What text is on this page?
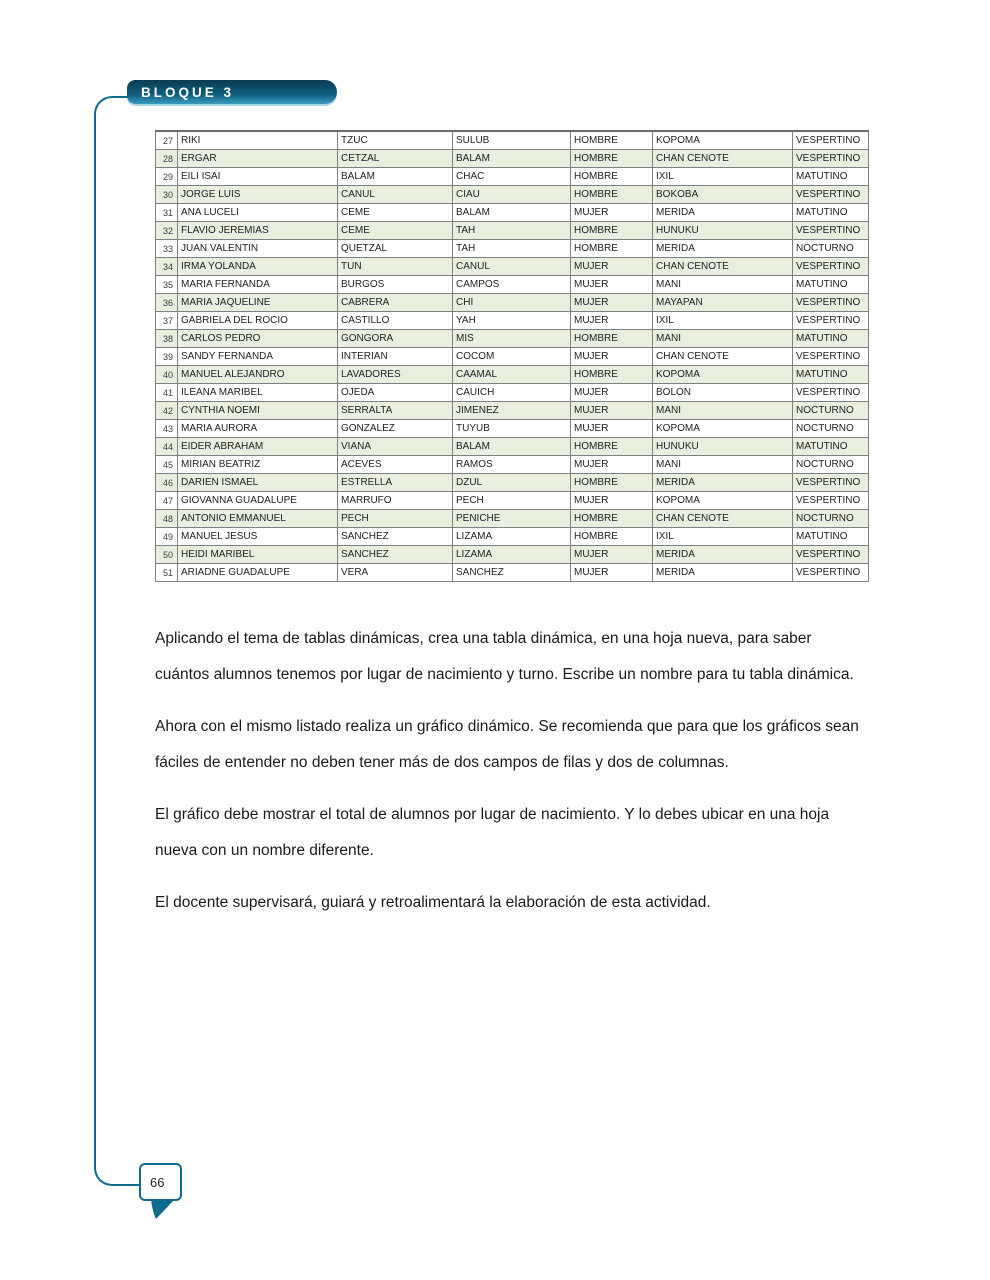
BLOQUE 3
27	RIKI	TZUC	SULUB	HOMBRE	KOPOMA	VESPERTINO
28	ERGAR	CETZAL	BALAM	HOMBRE	CHAN CENOTE	VESPERTINO
29	EILI ISAI	BALAM	CHAC	HOMBRE	IXIL	MATUTINO
30	JORGE LUIS	CANUL	CIAU	HOMBRE	BOKOBA	VESPERTINO
31	ANA LUCELI	CEME	BALAM	MUJER	MERIDA	MATUTINO
32	FLAVIO JEREMIAS	CEME	TAH	HOMBRE	HUNUKU	VESPERTINO
33	JUAN VALENTIN	QUETZAL	TAH	HOMBRE	MERIDA	NOCTURNO
34	IRMA YOLANDA	TUN	CANUL	MUJER	CHAN CENOTE	VESPERTINO
35	MARIA FERNANDA	BURGOS	CAMPOS	MUJER	MANI	MATUTINO
36	MARIA JAQUELINE	CABRERA	CHI	MUJER	MAYAPAN	VESPERTINO
37	GABRIELA DEL ROCIO	CASTILLO	YAH	MUJER	IXIL	VESPERTINO
38	CARLOS PEDRO	GONGORA	MIS	HOMBRE	MANI	MATUTINO
39	SANDY FERNANDA	INTERIAN	COCOM	MUJER	CHAN CENOTE	VESPERTINO
40	MANUEL ALEJANDRO	LAVADORES	CAAMAL	HOMBRE	KOPOMA	MATUTINO
41	ILEANA MARIBEL	OJEDA	CAUICH	MUJER	BOLON	VESPERTINO
42	CYNTHIA NOEMI	SERRALTA	JIMENEZ	MUJER	MANI	NOCTURNO
43	MARIA AURORA	GONZALEZ	TUYUB	MUJER	KOPOMA	NOCTURNO
44	EIDER ABRAHAM	VIANA	BALAM	HOMBRE	HUNUKU	MATUTINO
45	MIRIAN BEATRIZ	ACEVES	RAMOS	MUJER	MANI	NOCTURNO
46	DARIEN ISMAEL	ESTRELLA	DZUL	HOMBRE	MERIDA	VESPERTINO
47	GIOVANNA GUADALUPE	MARRUFO	PECH	MUJER	KOPOMA	VESPERTINO
48	ANTONIO EMMANUEL	PECH	PENICHE	HOMBRE	CHAN CENOTE	NOCTURNO
49	MANUEL JESUS	SANCHEZ	LIZAMA	HOMBRE	IXIL	MATUTINO
50	HEIDI MARIBEL	SANCHEZ	LIZAMA	MUJER	MERIDA	VESPERTINO
51	ARIADNE GUADALUPE	VERA	SANCHEZ	MUJER	MERIDA	VESPERTINO

Aplicando el tema de tablas dinámicas, crea una tabla dinámica, en una hoja nueva, para saber cuántos alumnos tenemos por lugar de nacimiento y turno. Escribe un nombre para tu tabla dinámica.

Ahora con el mismo listado realiza un gráfico dinámico. Se recomienda que para que los gráficos sean fáciles de entender no deben tener más de dos campos de filas y dos de columnas.

El gráfico debe mostrar el total de alumnos por lugar de nacimiento. Y lo debes ubicar en una hoja nueva con un nombre diferente.

El docente supervisará, guiará y retroalimentará la elaboración de esta actividad.

66
